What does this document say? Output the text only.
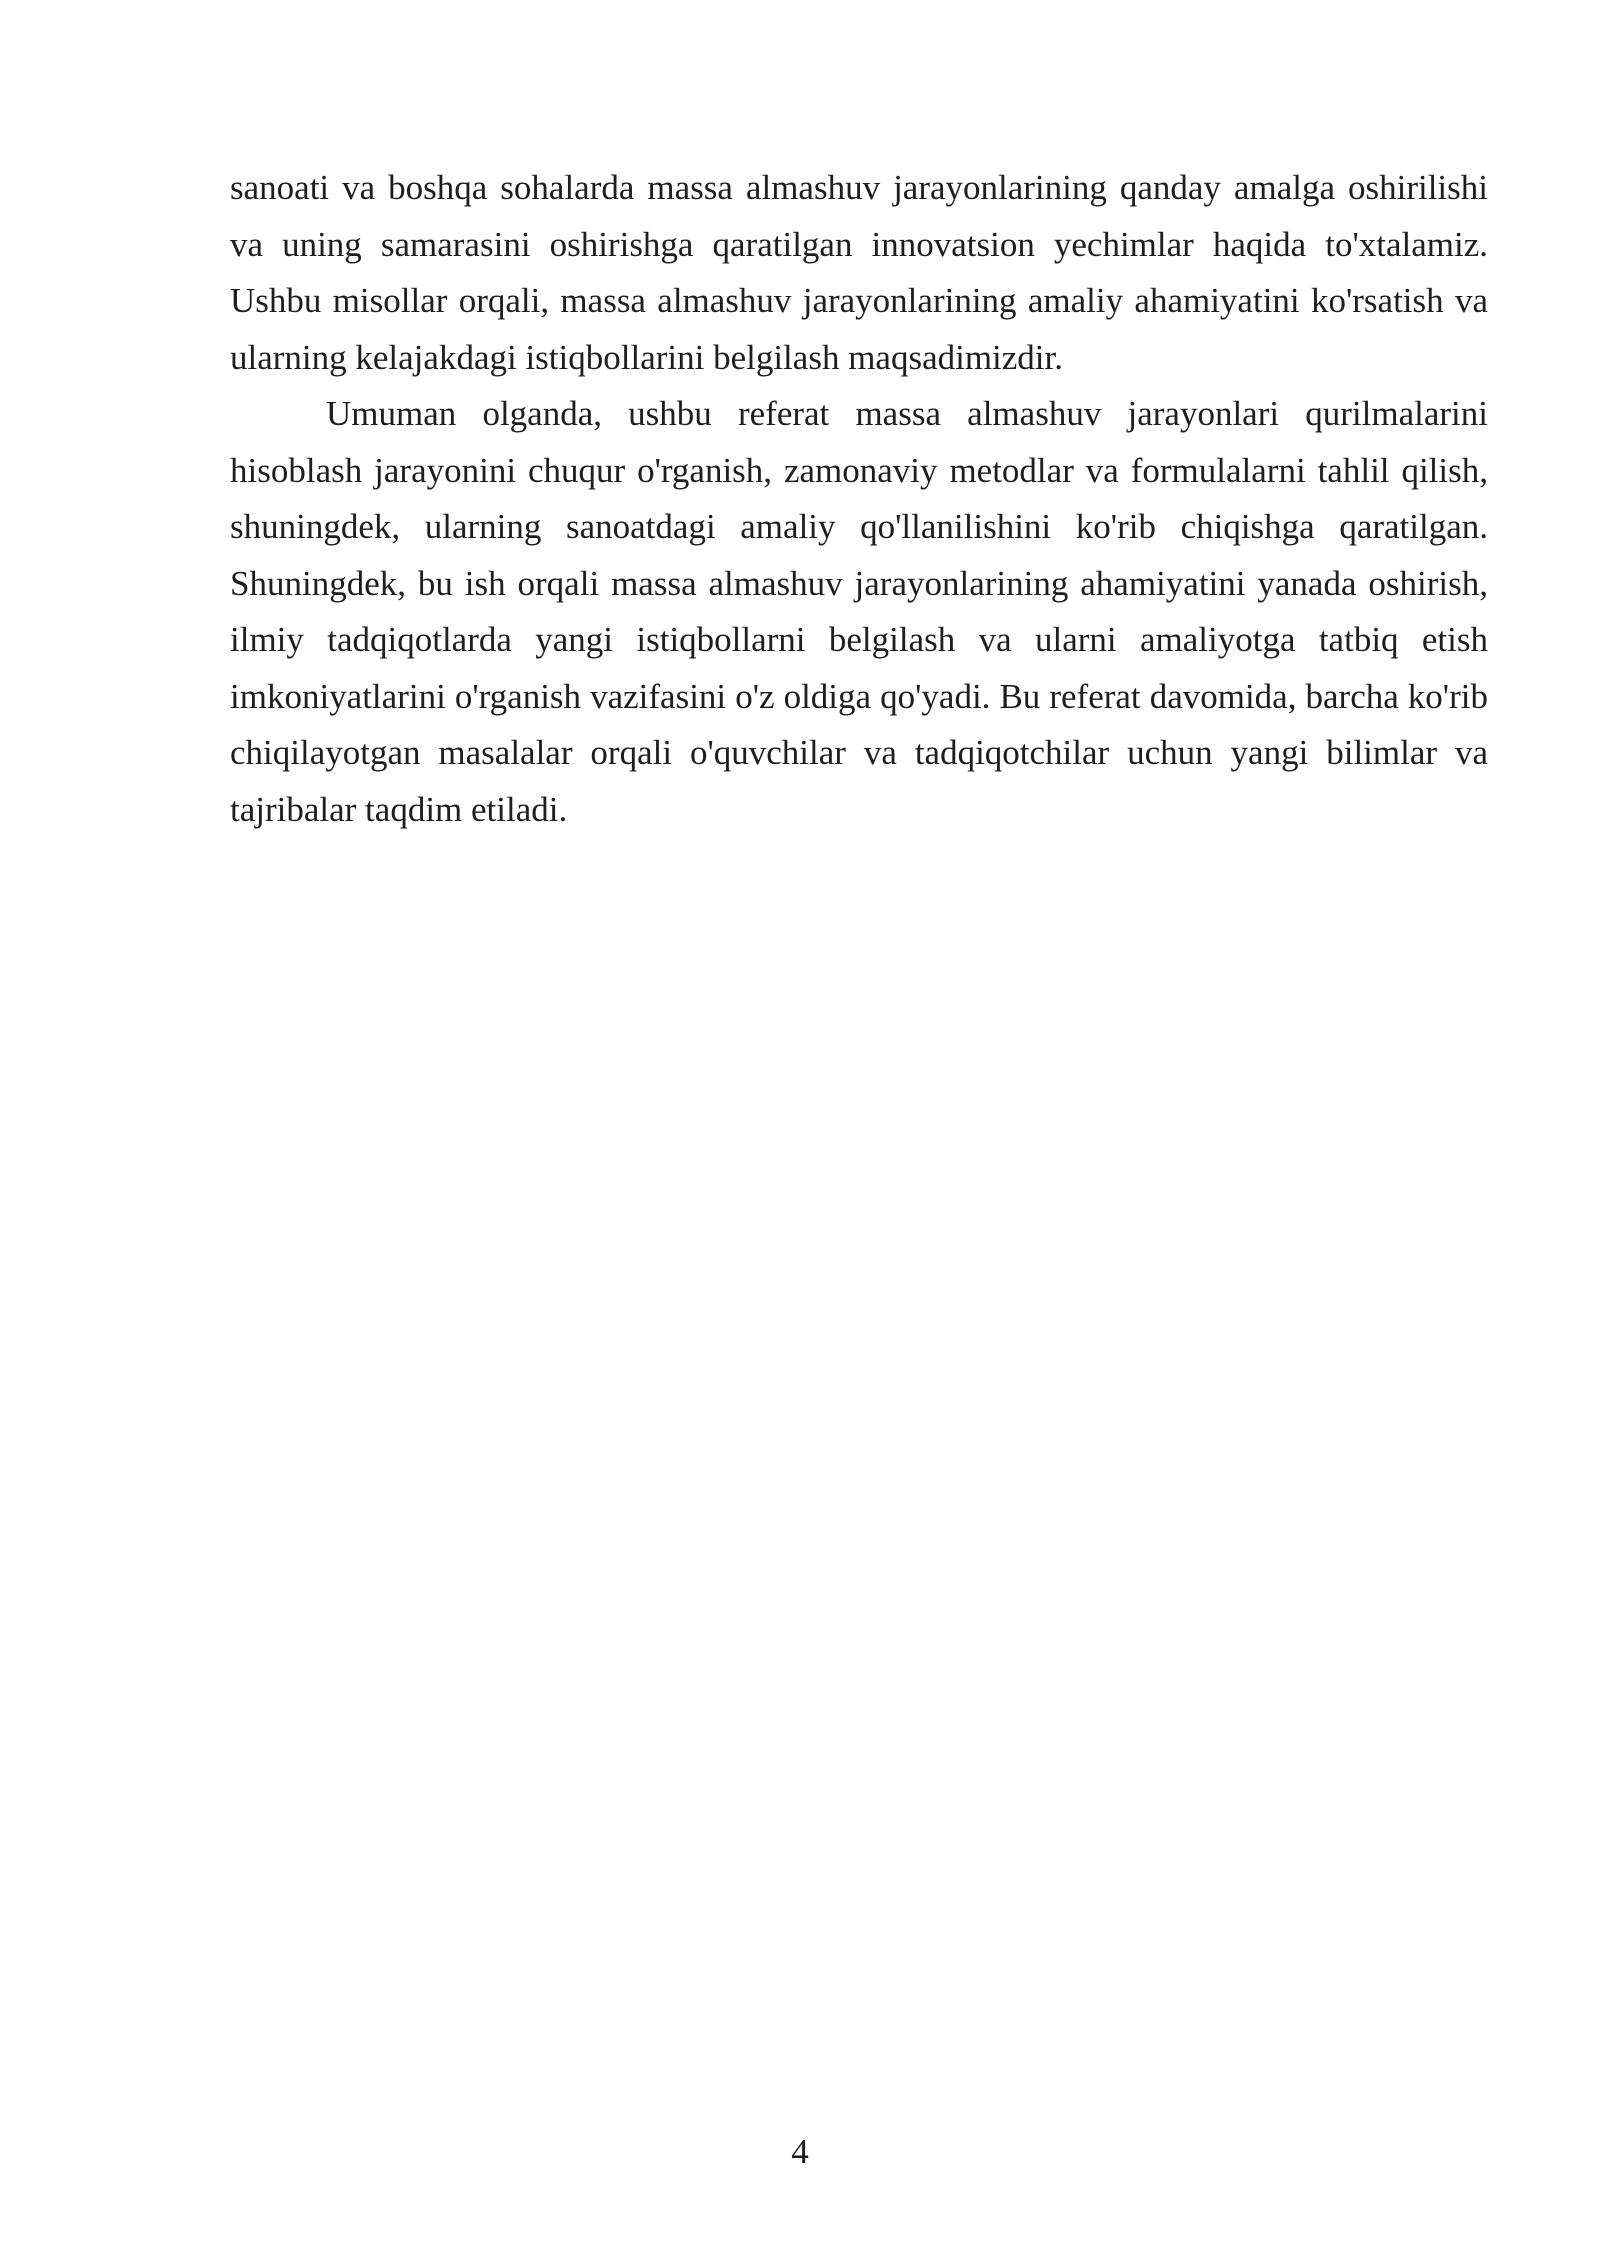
sanoati va boshqa sohalarda massa almashuv jarayonlarining qanday amalga oshirilishi va uning samarasini oshirishga qaratilgan innovatsion yechimlar haqida to'xtalamiz. Ushbu misollar orqali, massa almashuv jarayonlarining amaliy ahamiyatini ko'rsatish va ularning kelajakdagi istiqbollarini belgilash maqsadimizdir.

Umuman olganda, ushbu referat massa almashuv jarayonlari qurilmalarini hisoblash jarayonini chuqur o'rganish, zamonaviy metodlar va formulalarni tahlil qilish, shuningdek, ularning sanoatdagi amaliy qo'llanilishini ko'rib chiqishga qaratilgan. Shuningdek, bu ish orqali massa almashuv jarayonlarining ahamiyatini yanada oshirish, ilmiy tadqiqotlarda yangi istiqbollarni belgilash va ularni amaliyotga tatbiq etish imkoniyatlarini o'rganish vazifasini o'z oldiga qo'yadi. Bu referat davomida, barcha ko'rib chiqilayotgan masalalar orqali o'quvchilar va tadqiqotchilar uchun yangi bilimlar va tajribalar taqdim etiladi.

4
